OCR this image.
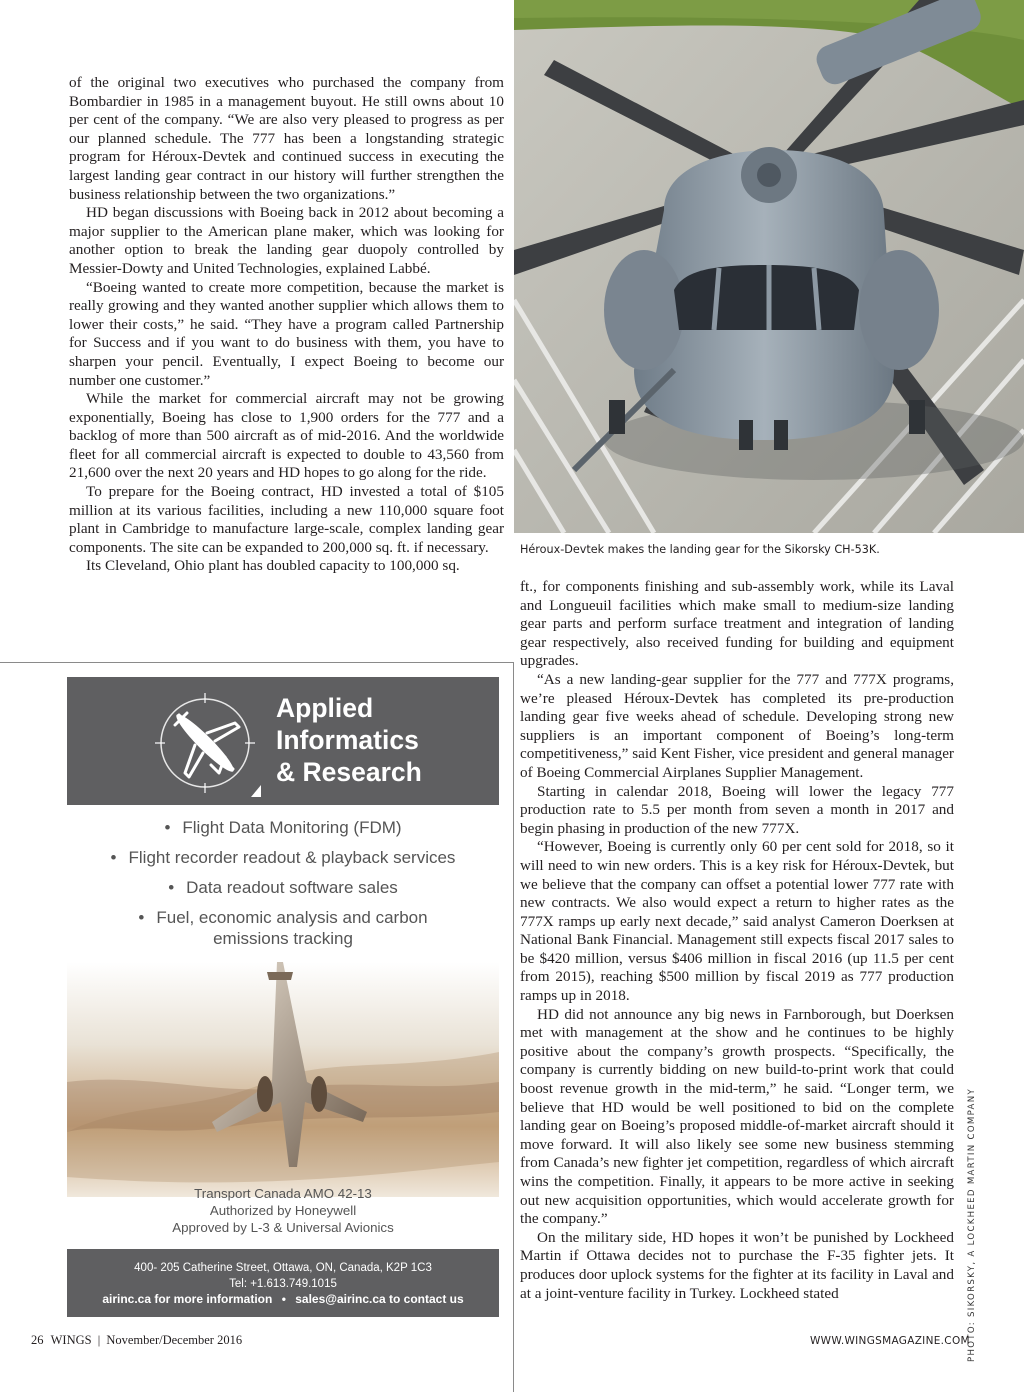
of the original two executives who purchased the company from Bombardier in 1985 in a management buyout. He still owns about 10 per cent of the company. “We are also very pleased to progress as per our planned schedule. The 777 has been a longstanding strategic program for Héroux-Devtek and continued success in executing the largest landing gear contract in our history will further strengthen the business relationship between the two organizations.”

HD began discussions with Boeing back in 2012 about becoming a major supplier to the American plane maker, which was looking for another option to break the landing gear duopoly controlled by Messier-Dowty and United Technologies, explained Labbé.

“Boeing wanted to create more competition, because the market is really growing and they wanted another supplier which allows them to lower their costs,” he said. “They have a program called Partnership for Success and if you want to do business with them, you have to sharpen your pencil. Eventually, I expect Boeing to become our number one customer.”

While the market for commercial aircraft may not be growing exponentially, Boeing has close to 1,900 orders for the 777 and a backlog of more than 500 aircraft as of mid-2016. And the worldwide fleet for all commercial aircraft is expected to double to 43,560 from 21,600 over the next 20 years and HD hopes to go along for the ride.

To prepare for the Boeing contract, HD invested a total of $105 million at its various facilities, including a new 110,000 square foot plant in Cambridge to manufacture large-scale, complex landing gear components. The site can be expanded to 200,000 sq. ft. if necessary.

Its Cleveland, Ohio plant has doubled capacity to 100,000 sq.

Héroux-Devtek makes the landing gear for the Sikorsky CH-53K.

ft., for components finishing and sub-assembly work, while its Laval and Longueuil facilities which make small to medium-size landing gear parts and perform surface treatment and integration of landing gear respectively, also received funding for building and equipment upgrades.

“As a new landing-gear supplier for the 777 and 777X programs, we’re pleased Héroux-Devtek has completed its pre-production landing gear five weeks ahead of schedule. Developing strong new suppliers is an important component of Boeing’s long-term competitiveness,” said Kent Fisher, vice president and general manager of Boeing Commercial Airplanes Supplier Management.

Starting in calendar 2018, Boeing will lower the legacy 777 production rate to 5.5 per month from seven a month in 2017 and begin phasing in production of the new 777X.

“However, Boeing is currently only 60 per cent sold for 2018, so it will need to win new orders. This is a key risk for Héroux-Devtek, but we believe that the company can offset a potential lower 777 rate with new contracts. We also would expect a return to higher rates as the 777X ramps up early next decade,” said analyst Cameron Doerksen at National Bank Financial. Management still expects fiscal 2017 sales to be $420 million, versus $406 million in fiscal 2016 (up 11.5 per cent from 2015), reaching $500 million by fiscal 2019 as 777 production ramps up in 2018.

HD did not announce any big news in Farnborough, but Doerksen met with management at the show and he continues to be highly positive about the company’s growth prospects. “Specifically, the company is currently bidding on new build-to-print work that could boost revenue growth in the mid-term,” he said. “Longer term, we believe that HD would be well positioned to bid on the complete landing gear on Boeing’s proposed middle-of-market aircraft should it move forward. It will also likely see some new business stemming from Canada’s new fighter jet competition, regardless of which aircraft wins the competition. Finally, it appears to be more active in seeking out new acquisition opportunities, which would accelerate growth for the company.”

On the military side, HD hopes it won’t be punished by Lockheed Martin if Ottawa decides not to purchase the F-35 fighter jets. It produces door uplock systems for the fighter at its facility in Laval and at a joint-venture facility in Turkey. Lockheed stated	PHOTO: SIKORSKY, A LOCKHEED MARTIN COMPANY
Applied
Informatics
& Research
• Flight Data Monitoring (FDM)
• Flight recorder readout & playback services
• Data readout software sales
• Fuel, economic analysis and carbon emissions tracking
Transport Canada AMO 42-13
Authorized by Honeywell
Approved by L-3 & Universal Avionics
400- 205 Catherine Street, Ottawa, ON, Canada, K2P 1C3
Tel: +1.613.749.1015
airinc.ca for more information • sales@airinc.ca to contact us
26 WINGS | November/December 2016	WWW.WINGSMAGAZINE.COM
